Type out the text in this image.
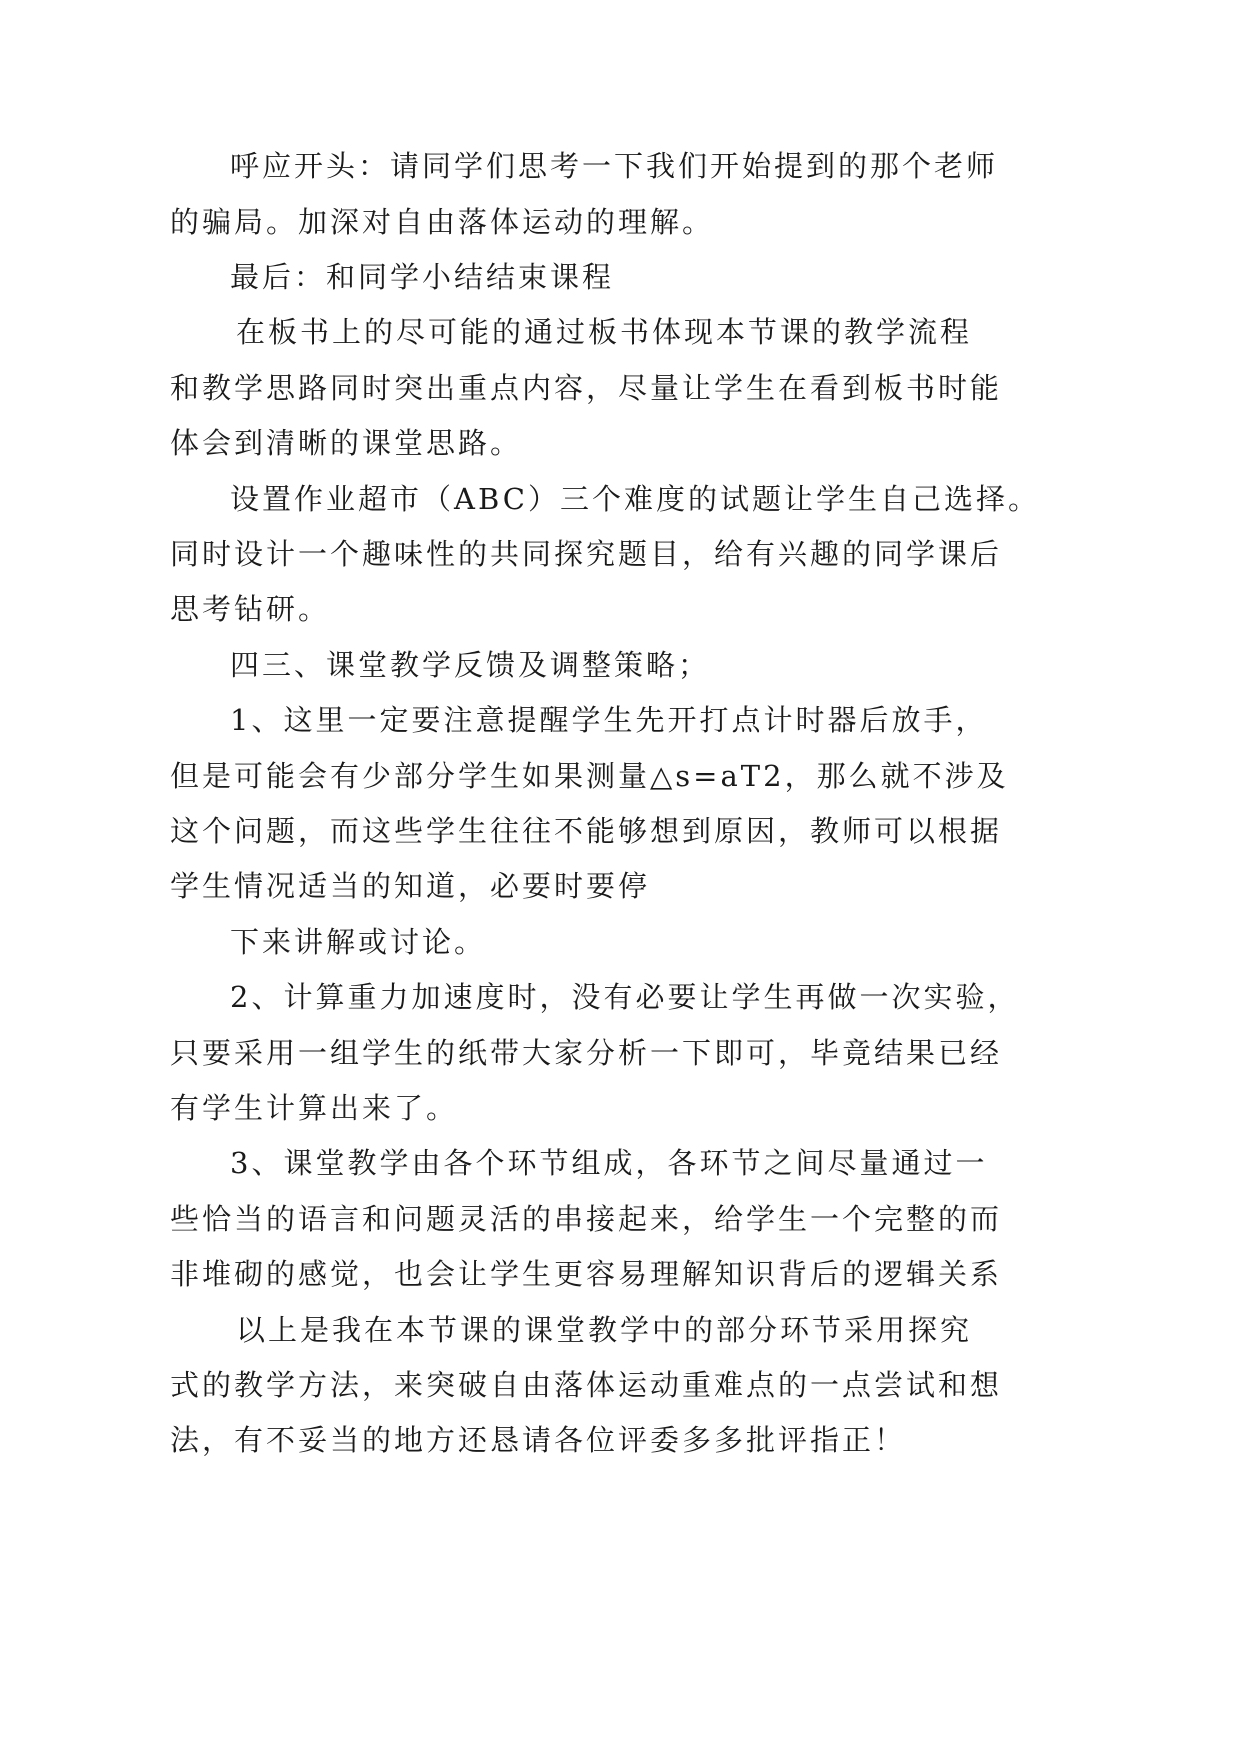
呼应开头：请同学们思考一下我们开始提到的那个老师
的骗局。加深对自由落体运动的理解。
最后：和同学小结结束课程
在板书上的尽可能的通过板书体现本节课的教学流程
和教学思路同时突出重点内容，尽量让学生在看到板书时能
体会到清晰的课堂思路。
设置作业超市（ABC）三个难度的试题让学生自己选择。
同时设计一个趣味性的共同探究题目，给有兴趣的同学课后
思考钻研。
四三、课堂教学反馈及调整策略；
1、这里一定要注意提醒学生先开打点计时器后放手，
但是可能会有少部分学生如果测量△s=aT2，那么就不涉及
这个问题，而这些学生往往不能够想到原因，教师可以根据
学生情况适当的知道，必要时要停
下来讲解或讨论。
2、计算重力加速度时，没有必要让学生再做一次实验，
只要采用一组学生的纸带大家分析一下即可，毕竟结果已经
有学生计算出来了。
3、课堂教学由各个环节组成，各环节之间尽量通过一
些恰当的语言和问题灵活的串接起来，给学生一个完整的而
非堆砌的感觉，也会让学生更容易理解知识背后的逻辑关系
以上是我在本节课的课堂教学中的部分环节采用探究
式的教学方法，来突破自由落体运动重难点的一点尝试和想
法，有不妥当的地方还恳请各位评委多多批评指正！
